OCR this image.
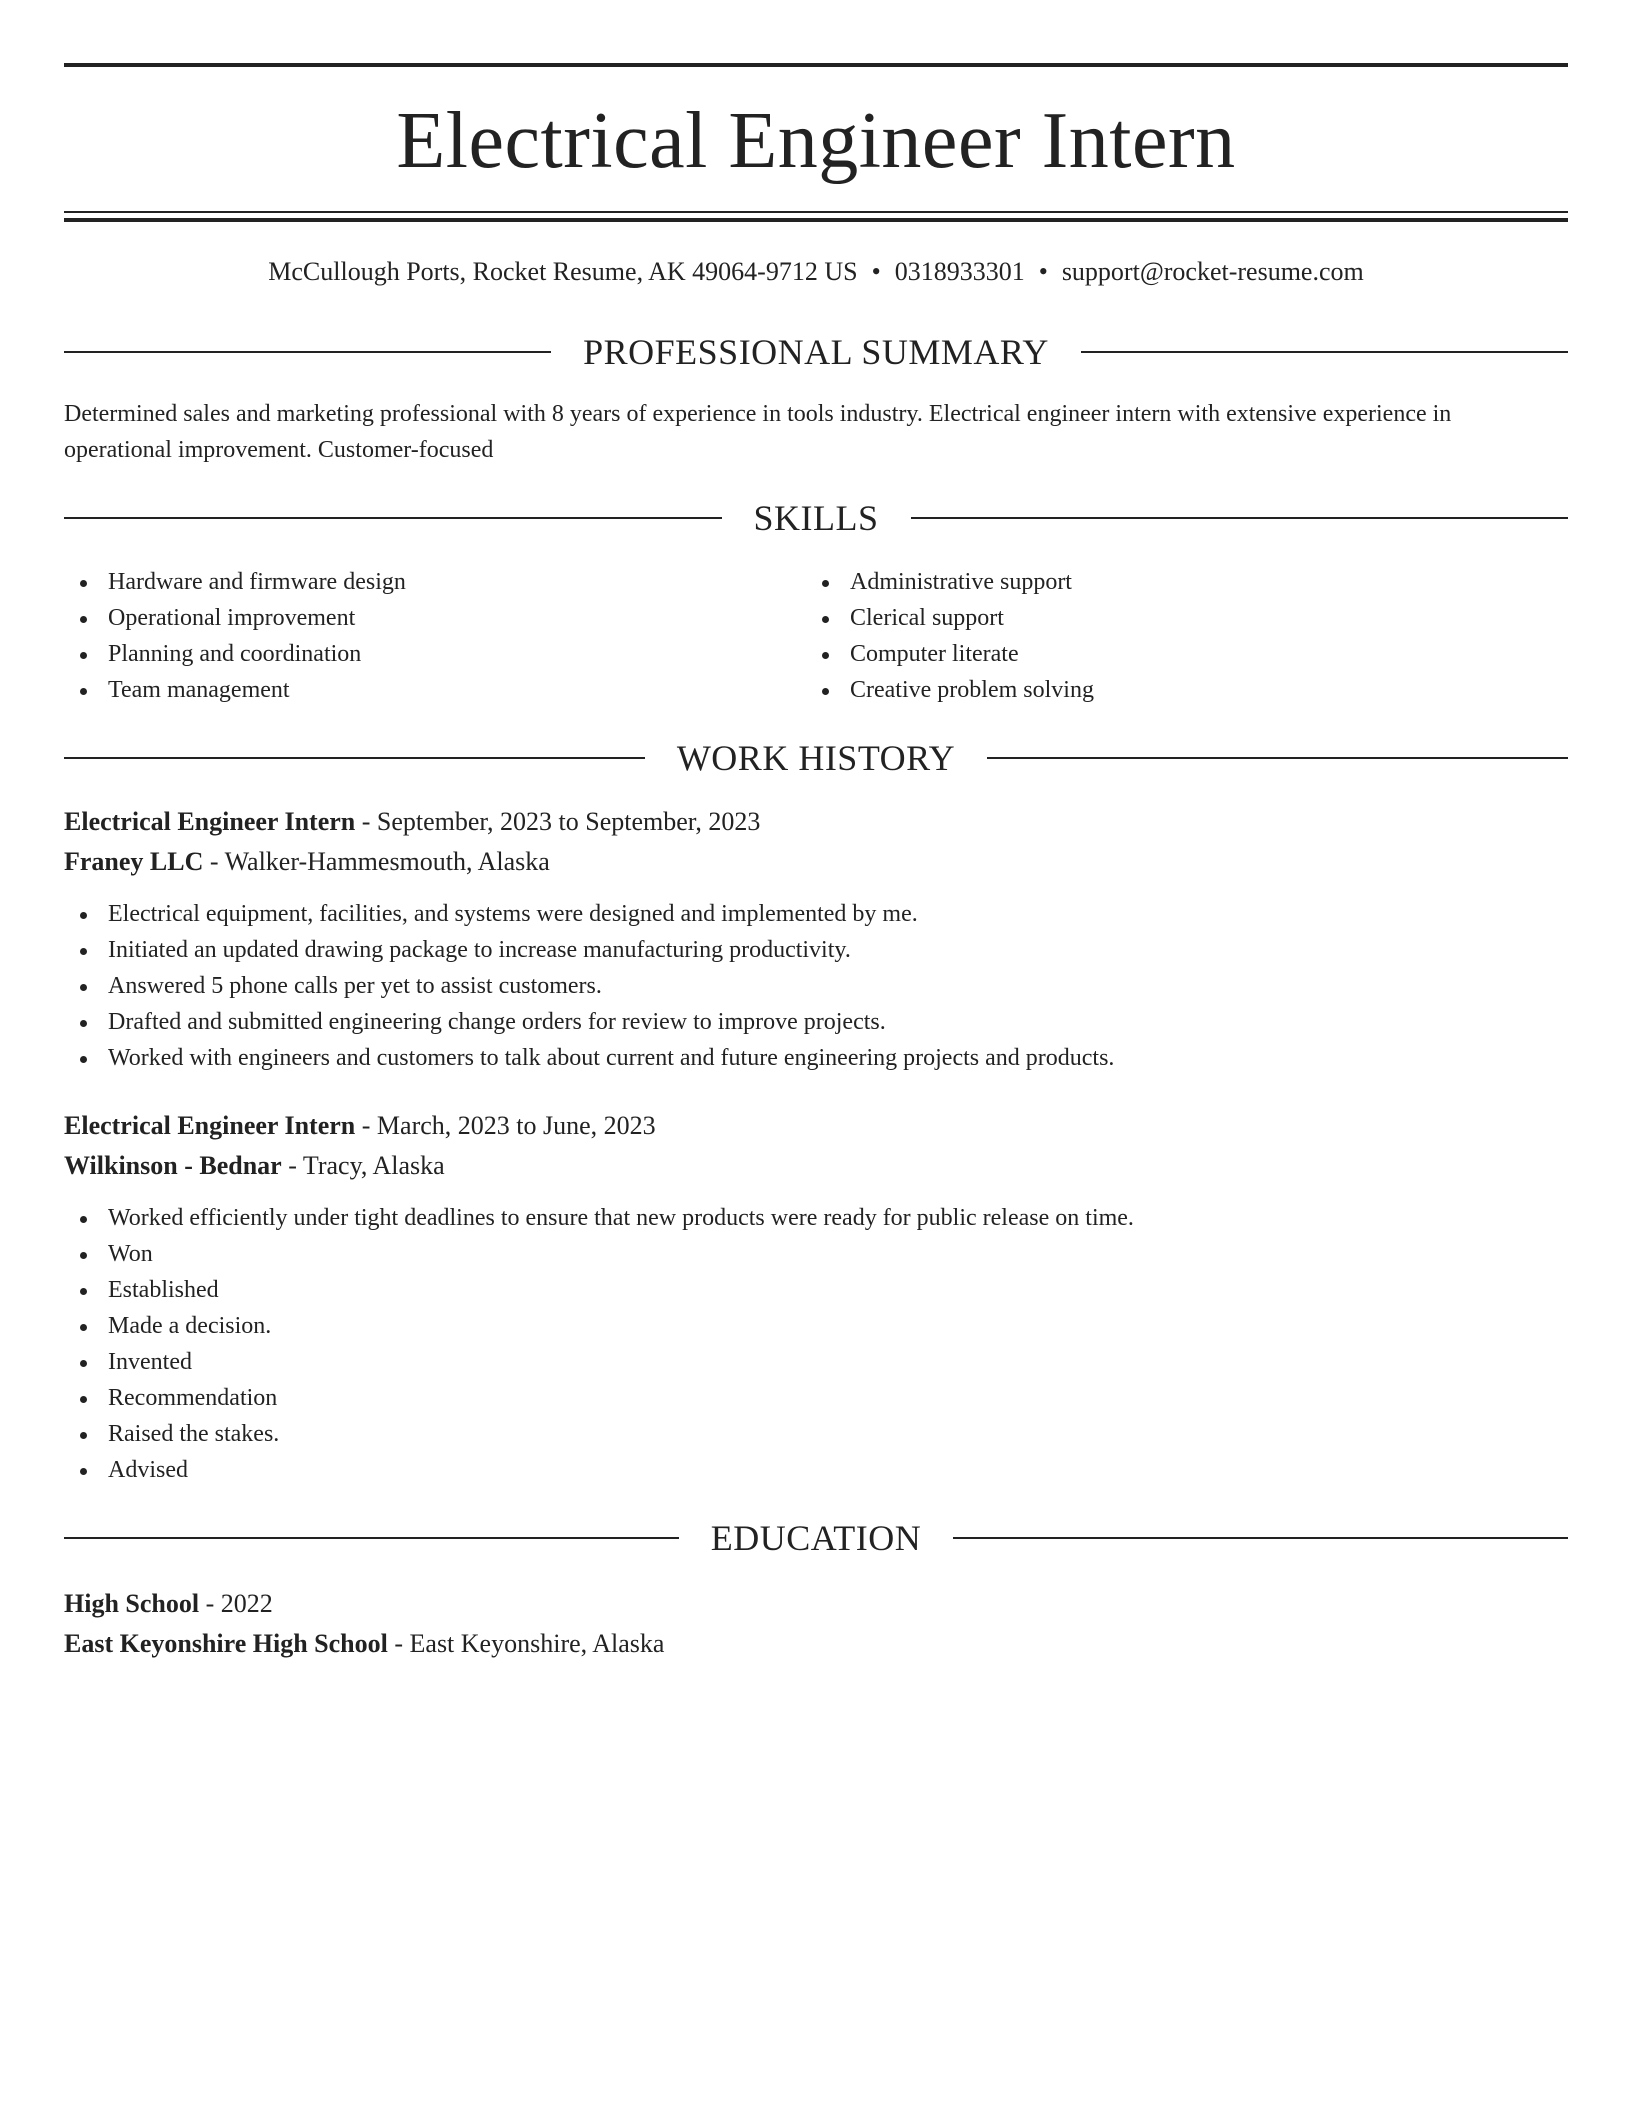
Electrical Engineer Intern
McCullough Ports, Rocket Resume, AK 49064-9712 US • 0318933301 • support@rocket-resume.com
PROFESSIONAL SUMMARY

Determined sales and marketing professional with 8 years of experience in tools industry. Electrical engineer intern with extensive experience in operational improvement. Customer-focused

SKILLS
Hardware and firmware design
Operational improvement
Planning and coordination
Team management
Administrative support
Clerical support
Computer literate
Creative problem solving
WORK HISTORY
Electrical Engineer Intern - September, 2023 to September, 2023
Franey LLC - Walker-Hammesmouth, Alaska
Electrical equipment, facilities, and systems were designed and implemented by me.
Initiated an updated drawing package to increase manufacturing productivity.
Answered 5 phone calls per yet to assist customers.
Drafted and submitted engineering change orders for review to improve projects.
Worked with engineers and customers to talk about current and future engineering projects and products.
Electrical Engineer Intern - March, 2023 to June, 2023
Wilkinson - Bednar - Tracy, Alaska
Worked efficiently under tight deadlines to ensure that new products were ready for public release on time.
Won
Established
Made a decision.
Invented
Recommendation
Raised the stakes.
Advised
EDUCATION
High School - 2022
East Keyonshire High School - East Keyonshire, Alaska
